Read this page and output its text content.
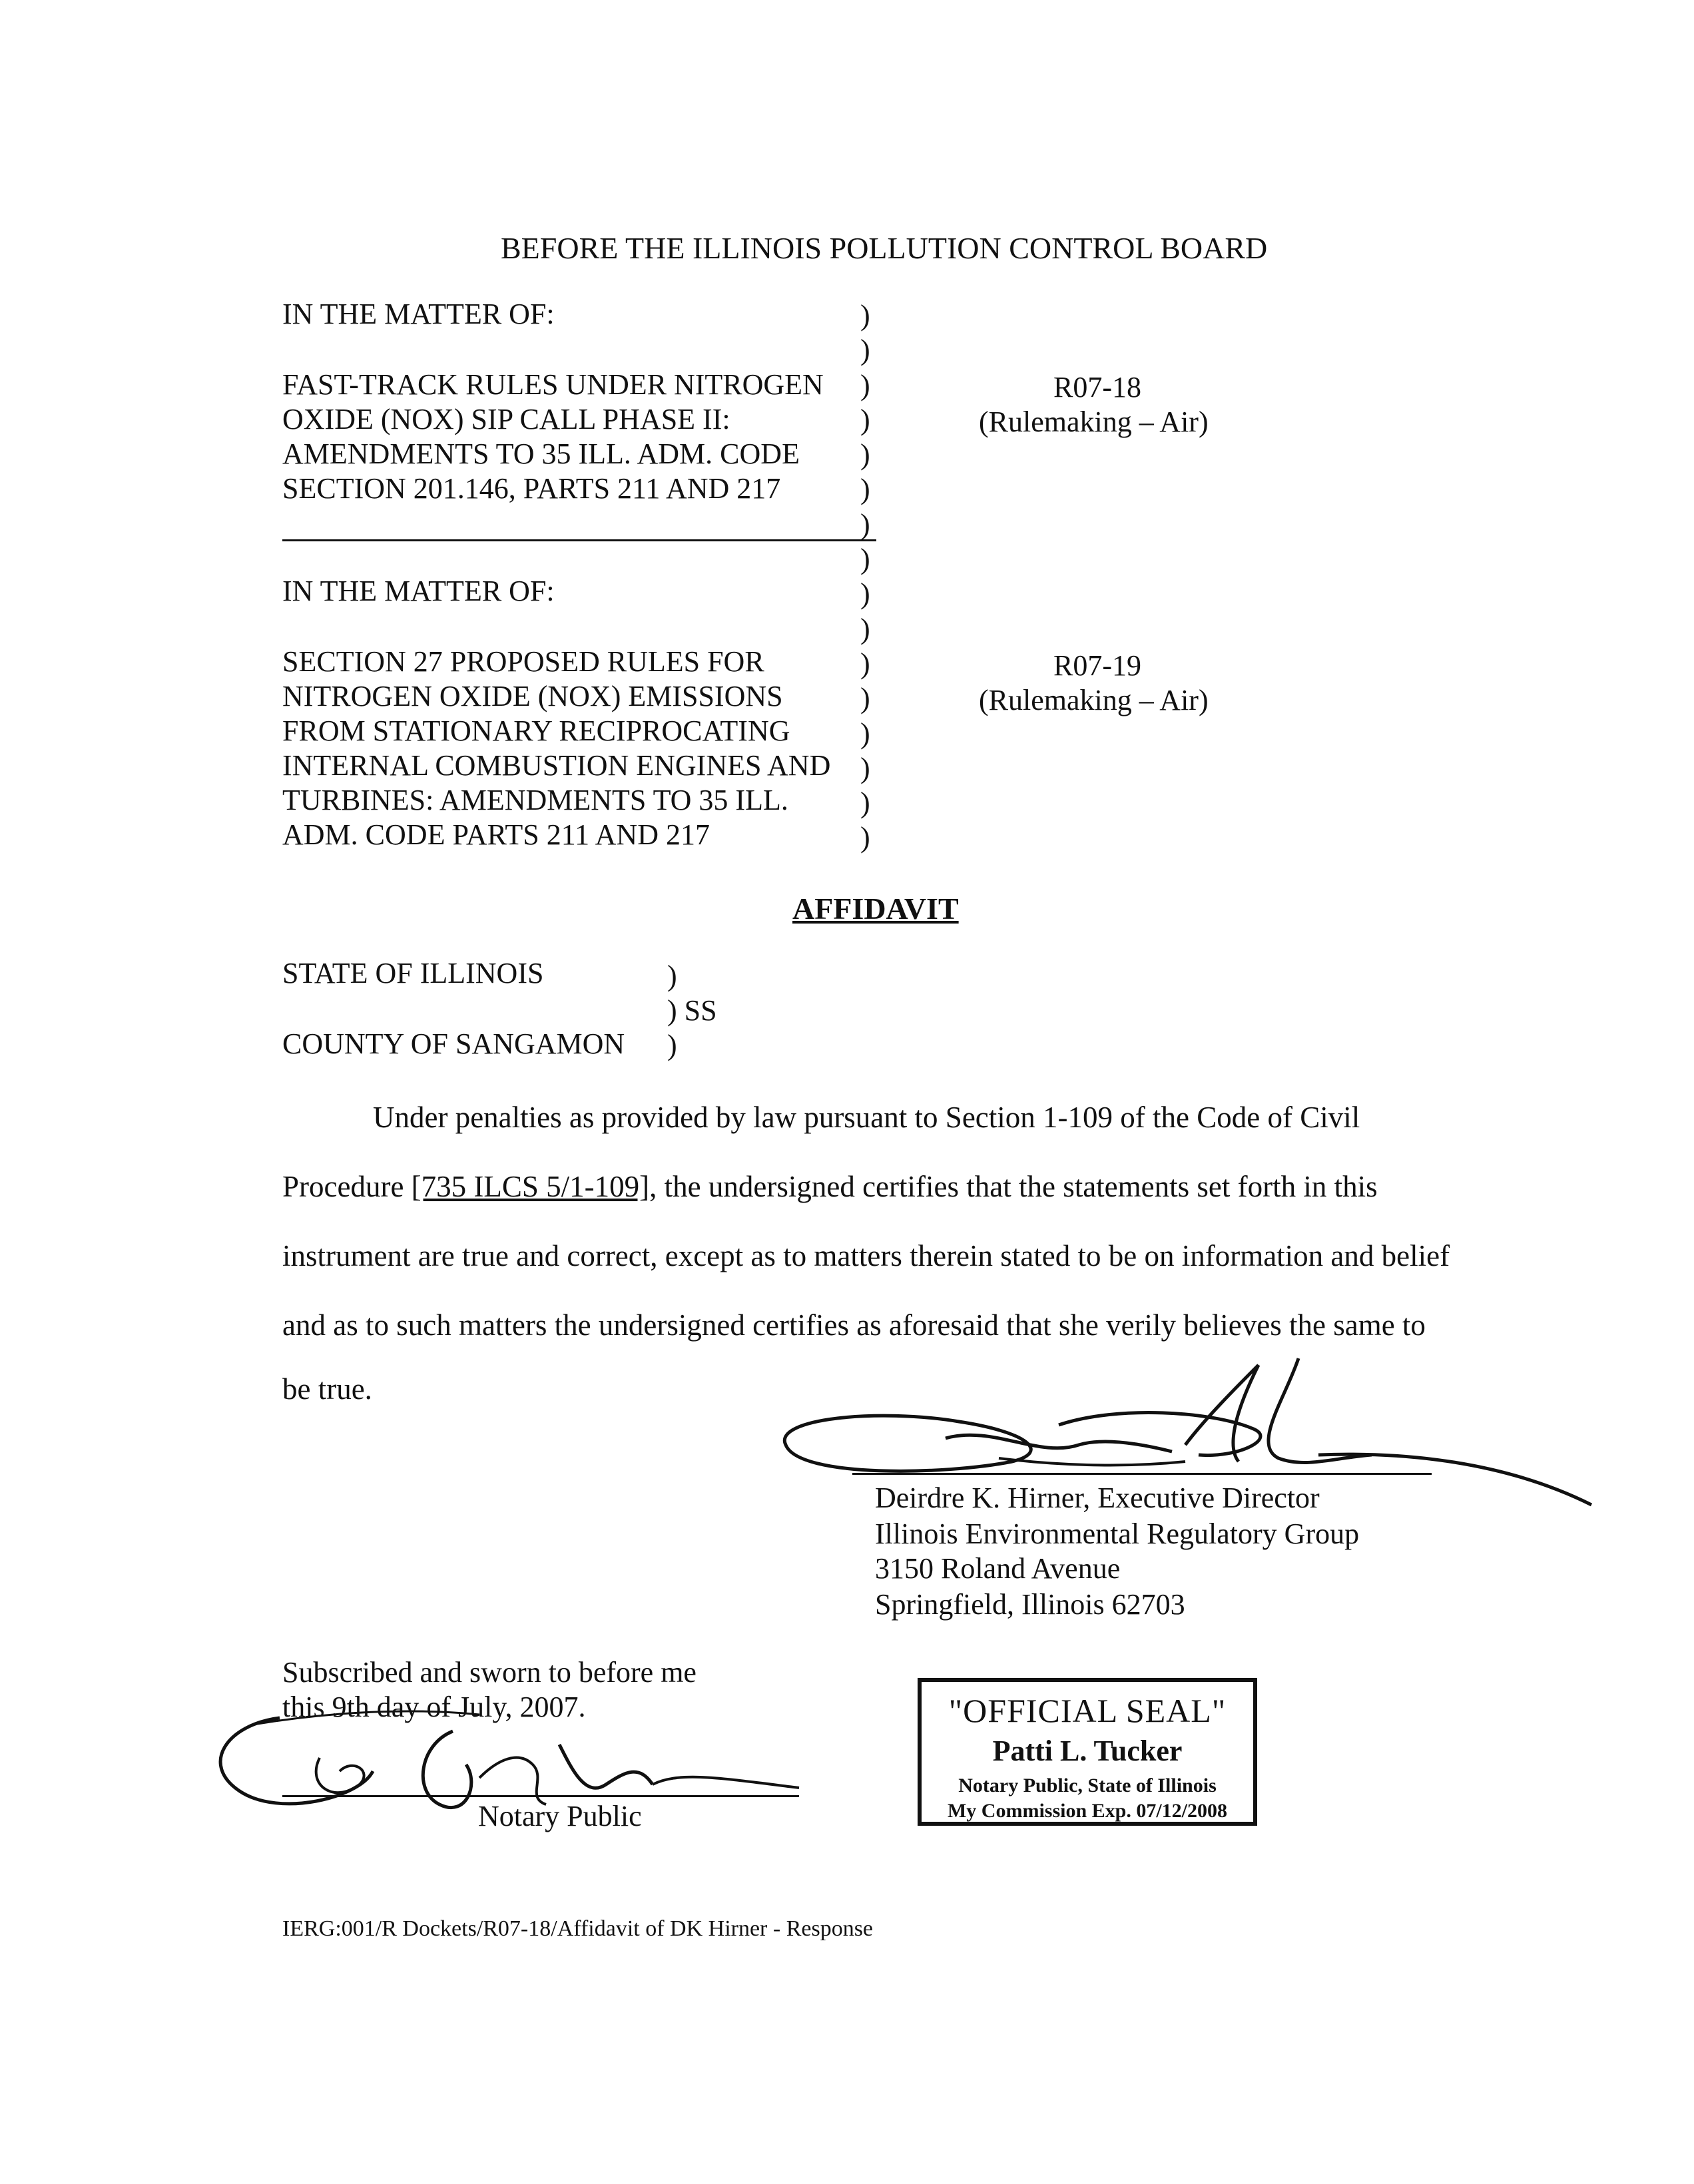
BEFORE THE ILLINOIS POLLUTION CONTROL BOARD
IN THE MATTER OF:
FAST-TRACK RULES UNDER NITROGEN
OXIDE (NOX) SIP CALL PHASE II:
AMENDMENTS TO 35 ILL. ADM. CODE
SECTION 201.146, PARTS 211 AND 217
R07-18
(Rulemaking – Air)
IN THE MATTER OF:
SECTION 27 PROPOSED RULES FOR
NITROGEN OXIDE (NOX) EMISSIONS
FROM STATIONARY RECIPROCATING
INTERNAL COMBUSTION ENGINES AND
TURBINES: AMENDMENTS TO 35 ILL.
ADM. CODE PARTS 211 AND 217
R07-19
(Rulemaking – Air)
)
)
)
)
)
)
)
)
)
)
)
)
)
)
)
)
AFFIDAVIT
STATE OF ILLINOIS	)
) SS
COUNTY OF SANGAMON )
Under penalties as provided by law pursuant to Section 1-109 of the Code of Civil
Procedure [735 ILCS 5/1-109], the undersigned certifies that the statements set forth in this
instrument are true and correct, except as to matters therein stated to be on information and belief
and as to such matters the undersigned certifies as aforesaid that she verily believes the same to
be true.
Deirdre K. Hirner, Executive Director
Illinois Environmental Regulatory Group
3150 Roland Avenue
Springfield, Illinois 62703
Subscribed and sworn to before me
this 9th day of July, 2007.
Notary Public
"OFFICIAL SEAL"
Patti L. Tucker
Notary Public, State of Illinois
My Commission Exp. 07/12/2008
IERG:001/R Dockets/R07-18/Affidavit of DK Hirner - Response
